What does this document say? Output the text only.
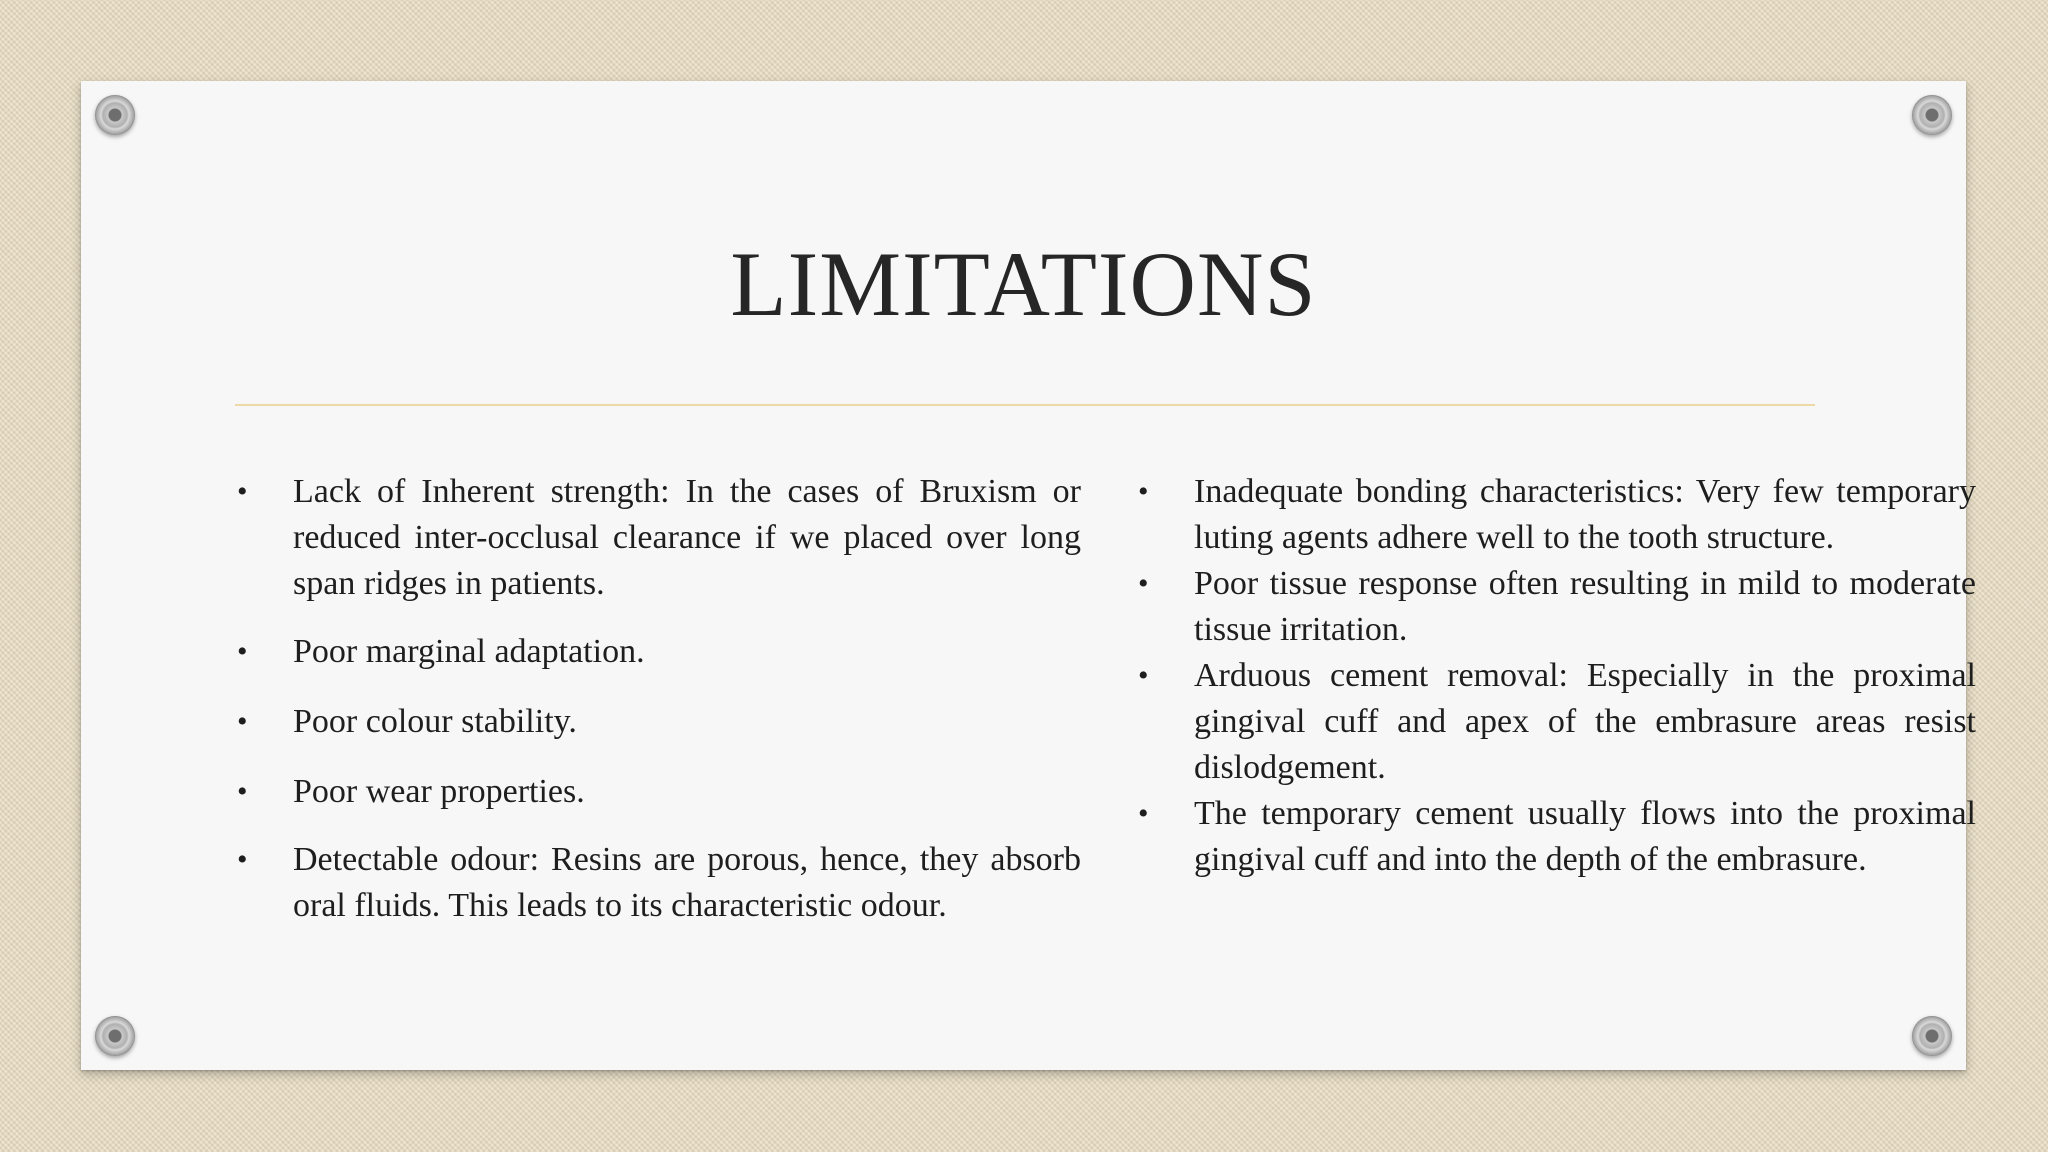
LIMITATIONS
• Lack of Inherent strength: In the cases of Bruxism or reduced inter-occlusal clearance if we placed over long span ridges in patients.
• Poor marginal adaptation.
• Poor colour stability.
• Poor wear properties.
• Detectable odour: Resins are porous, hence, they absorb oral fluids. This leads to its characteristic odour.
• Inadequate bonding characteristics: Very few temporary luting agents adhere well to the tooth structure.
• Poor tissue response often resulting in mild to moderate tissue irritation.
• Arduous cement removal: Especially in the proximal gingival cuff and apex of the embrasure areas resist dislodgement.
• The temporary cement usually flows into the proximal gingival cuff and into the depth of the embrasure.
